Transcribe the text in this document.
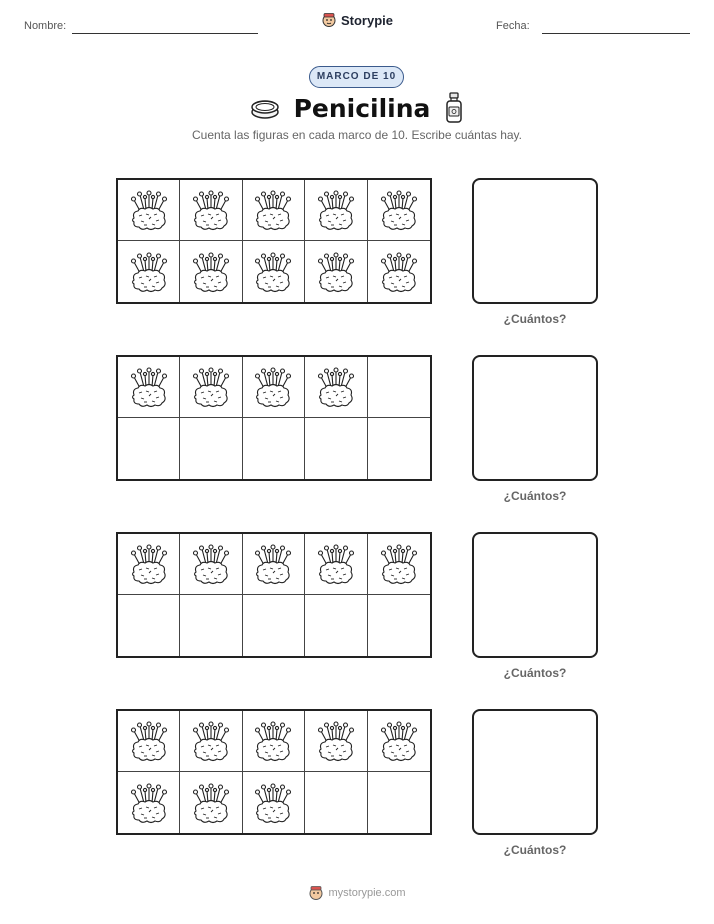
Nombre:	Storypie	Fecha:
MARCO DE 10
Penicilina
Cuenta las figuras en cada marco de 10. Escribe cuántas hay.
¿Cuántos?
¿Cuántos?
¿Cuántos?
¿Cuántos?
mystorypie.com
